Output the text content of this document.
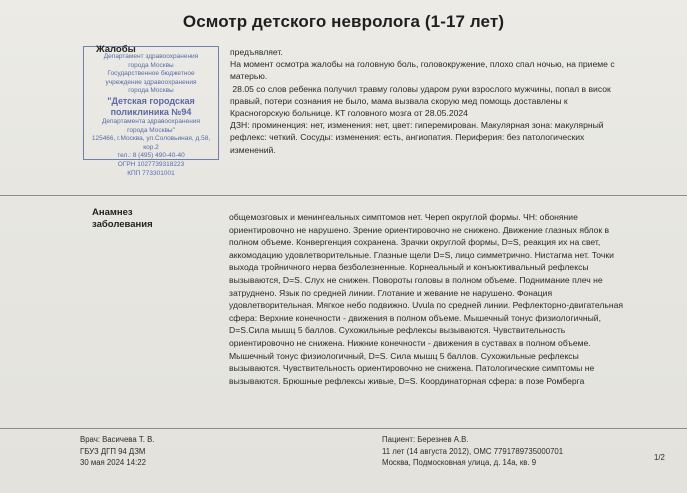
Осмотр детского невролога (1-17 лет)
Департамент здравоохранения
города Москвы
Государственное бюджетное
учреждение здравоохранения
города Москвы
"Детская городская
поликлиника №94
Департамента здравоохранения
города Москвы"
125466, г.Москва, ул.Соловьиная, д.58, кор.2
тел.: 8 (495) 490-40-40
ОГРН 1027739318223
КПП 773301001
Жалобы	предъявляет.

На момент осмотра жалобы на головную боль, головокружение, плохо спал ночью, на приеме с

матерью.

28.05 со слов ребенка получил травму головы ударом руки взрослого мужчины, попал в висок

правый, потери сознания не было, мама вызвала скорую мед помощь доставлены к

Красногорскую больнице. КТ головного мозга от 28.05.2024

ДЗН: проминенция: нет, изменения: нет, цвет: гиперемирован. Макулярная зона: макулярный

рефлекс: четкий. Сосуды: изменения: есть, ангиопатия. Периферия: без патологических

изменений.

Анамнез
заболевания

общемозговых и менингеальных симптомов нет. Череп округлой формы. ЧН: обоняние

ориентировочно не нарушено. Зрение ориентировочно не снижено. Движение глазных яблок в

полном объеме. Конвергенция сохранена. Зрачки округлой формы, D=S, реакция их на свет,

аккомодацию удовлетворительные. Глазные щели D=S, лицо симметрично. Нистагма нет. Точки

выхода тройничного нерва безболезненные. Корнеальный и конъюктивальный рефлексы

вызываются, D=S. Слух не снижен. Повороты головы в полном объеме. Поднимание плеч не

затруднено. Язык по средней линии. Глотание и жевание не нарушено. Фонация

удовлетворительная. Мягкое небо подвижно. Uvula по средней линии. Рефлекторно-двигательная

сфера: Верхние конечности - движения в полном объеме. Мышечный тонус физиологичный,

D=S.Сила мышц 5 баллов. Сухожильные рефлексы вызываются. Чувствительность

ориентировочно не снижена. Нижние конечности - движения в суставах в полном объеме.

Мышечный тонус физиологичный, D=S. Сила мышц 5 баллов. Сухожильные рефлексы

вызываются. Чувствительность ориентировочно не снижена. Патологические симптомы не

вызываются. Брюшные рефлексы живые, D=S. Координаторная сфера: в позе Ромберга

Врач: Васичева Т. В.
ГБУЗ ДГП 94 ДЗМ
30 мая 2024 14:22
Пациент: Березнев А.В.
11 лет (14 августа 2012), ОМС 7791789735000701
Москва, Подмосковная улица, д. 14а, кв. 9
1/2
